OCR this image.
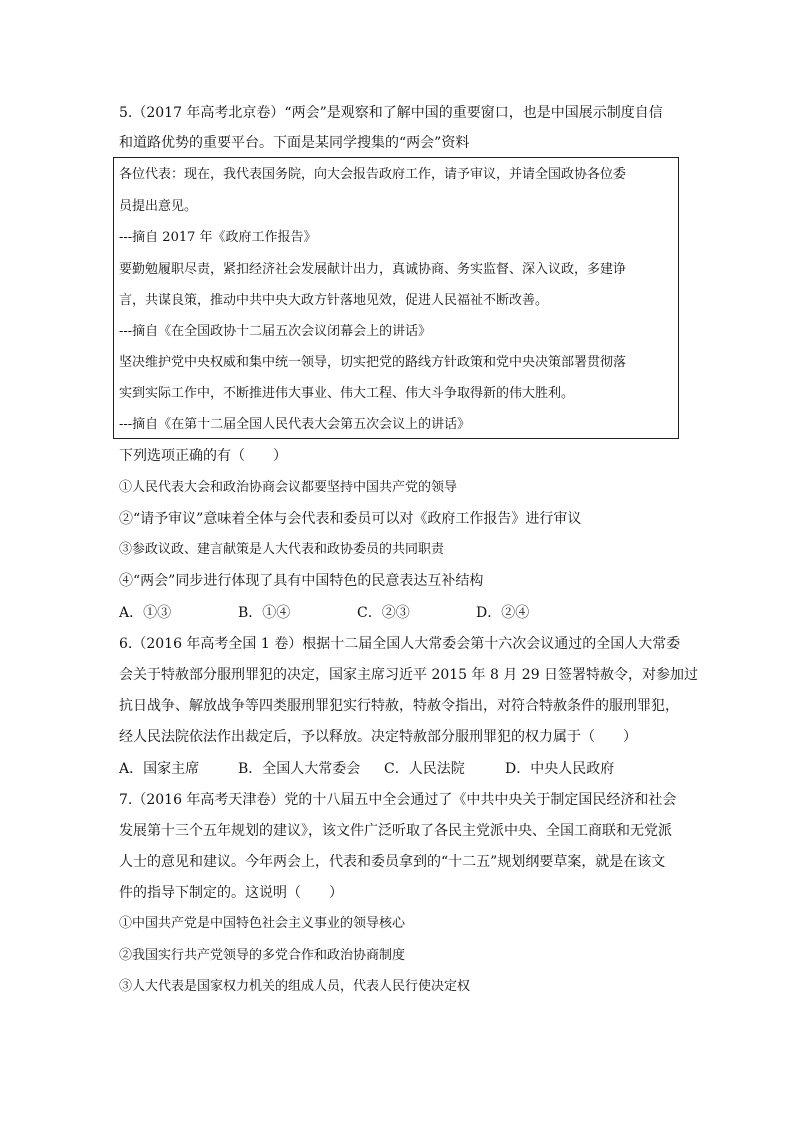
5.（2017 年高考北京卷）“两会”是观察和了解中国的重要窗口，也是中国展示制度自信
和道路优势的重要平台。下面是某同学搜集的“两会”资料
各位代表：现在，我代表国务院，向大会报告政府工作，请予审议，并请全国政协各位委
员提出意见。
---摘自 2017 年《政府工作报告》
要勤勉履职尽责，紧扣经济社会发展献计出力，真诚协商、务实监督、深入议政，多建诤
言，共谋良策，推动中共中央大政方针落地见效，促进人民福祉不断改善。
---摘自《在全国政协十二届五次会议闭幕会上的讲话》
坚决维护党中央权威和集中统一领导，切实把党的路线方针政策和党中央决策部署贯彻落
实到实际工作中，不断推进伟大事业、伟大工程、伟大斗争取得新的伟大胜利。
---摘自《在第十二届全国人民代表大会第五次会议上的讲话》
下列选项正确的有（　　）
①人民代表大会和政治协商会议都要坚持中国共产党的领导
②“请予审议”意味着全体与会代表和委员可以对《政府工作报告》进行审议
③参政议政、建言献策是人大代表和政协委员的共同职责
④“两会”同步进行体现了具有中国特色的民意表达互补结构
A．①③	B．①④	C．②③	D．②④
6.（2016 年高考全国 1 卷）根据十二届全国人大常委会第十六次会议通过的全国人大常委
会关于特赦部分服刑罪犯的决定，国家主席习近平 2015 年 8 月 29 日签署特赦令，对参加过
抗日战争、解放战争等四类服刑罪犯实行特赦，特赦令指出，对符合特赦条件的服刑罪犯，
经人民法院依法作出裁定后，予以释放。决定特赦部分服刑罪犯的权力属于（　　）
A．国家主席	B．全国人大常委会 C．人民法院	D．中央人民政府
7.（2016 年高考天津卷）党的十八届五中全会通过了《中共中央关于制定国民经济和社会
发展第十三个五年规划的建议》，该文件广泛听取了各民主党派中央、全国工商联和无党派
人士的意见和建议。今年两会上，代表和委员拿到的“十二五”规划纲要草案，就是在该文
件的指导下制定的。这说明（　　）
①中国共产党是中国特色社会主义事业的领导核心
②我国实行共产党领导的多党合作和政治协商制度
③人大代表是国家权力机关的组成人员，代表人民行使决定权
